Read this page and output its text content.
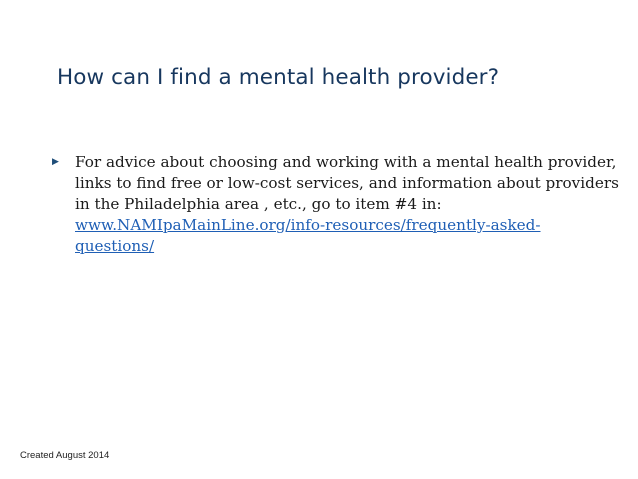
How can I find a mental health provider?
▶	For advice about choosing and working with a mental health provider,
links to find free or low-cost services, and information about providers
in the Philadelphia area , etc., go to item #4 in:
www.NAMIpaMainLine.org/info-resources/frequently-asked-
questions/
Created August 2014
